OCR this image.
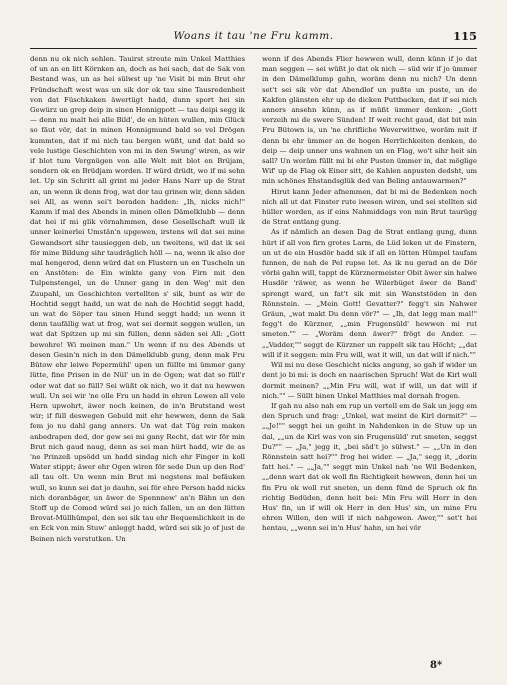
Woans it tau 'ne Fru kamm.	115

denn nu ok nich sehlen. Tauirst streute min Unkel Matthies of un an en litt Körnken an, doch as hei sach, dat de Sak von Bestand was, un as hei sülwst up 'ne Visit bi min Brut ehr Fründschaft west was un sik dor ok tau sine Tausredenheit von dat Füschkaken äwertügt hadd, dunn sport hei sin Gewürz un grep deip in sinen Honnigpott — tau deipi segg ik — denn nu malt hei alle Bild', de en hüten wullen, min Glück so fäut vör, dat in minen Honnigmund bald so vel Drögen kummten, dat if mi nich tau bergen wüßt, und dat bald so vele lustige Geschichten von mi in den Swung' wiren, as wir if blot tum Vergnügen von alle Welt mit blot en Brüjam, sondern ok en Brüdjam worden. If würd drüdt, wo if mi sehn let. Up sin Schritt all grint mi jeder Hans Narr up de Strat an, un wenn ik denn frog, wat dor tau grinen wir, denn säden sei All, as wenn sei't beraden hadden: „Ih, nicks nich!" Kamm if mal des Abends in minen ollen Dämelklubb — denn dat hei if mi glik vörnahmmen, dese Gesellschaft wull ik unner keinerlei Umstän'n upgewen, irstens wil dat sei mine Gewandsort sihr tausieggen deb, un tweitens, wil dat ik sei för mine Bildung sihr taudräglich höll — na, wenn ik also dor mal hengerod, denn würd dat en Flustern un en Tuscheln un en Anstöten: de Ein winkte gany von Firn mit den Tulpenstengel, un de Unner gang in den Weg' mit den Zuupahl, un Geschichten vertellten s' sik, bunt as wir de Hochtid seggt hadd, un wat de nah de Hochtid seggt hadd, un wat de Söper tau sinen Hund seggt hadd; un wenn it denn taufällig wat ut frog, wat sei dormit seggen wullen, un wat dat Spitzen up mi sin füllen, denn säden sei All: „Gott bewohre! Wi meinen man." Un wenn if nu des Abends ut desen Gesin'n nich in den Dämelklubb gung, denn mak Fru Bütow ehr leiwe Pepermühl' upen un füllte mi ümmer gany lütte, fine Prisen in de Nül' un in de Ogen; wat dat so füll'r oder wat dat so füll? Sei wüßt ok nich, wo it dat nu hewwen wull. Un sei wir 'ne olle Fru un hadd in ehren Lewen all vele Hern upwohrt, äwer noch keinen, de in'n Brutstand west wir; if füll deswegen Gebuld mit ehr hewwen, denn de Sak fem jo nu dahl gang anners. Un wat dat Tüg rein maken anbedrapen ded, dor gew sei mi gany Recht, dat wir för min Brut nich gaud naug, denn as sei man hürt hadd, wir de as 'ne Prinzeß upsödd un hadd sindag nich ehr Finger in koll Water stippt; äwer ehr Ogen wiren för sede Dun up den Rod' all tau olt. Un wenn min Brut mi negstens mal befäuken wull, so kunn sei dat jo dauhn, sei för ehre Person hadd nicks nich doranbäger, un äwer de Spennnew' an'n Bähn un den Stoff up de Comod würd sei jo nich fallen, un an den lütten Brovat-Müllhümpel, den sei sik tau ehr Bequemlichkeit in de en Eck von min Stuw' anleggt hadd, würd sei sik jo of just de Beinen nich verstutken. Un

wenn if des Abends Flier hewwen wull, denn künn if jo dat man seggen — sei wüßt jo dat ok nich — süd wir if jo ümmer in den Dämelklump gahn, woräm denn nu nich? Un denn set't sei sik vör dat Abendlof un pußte un puste, un de Kakfen glänsten ehr up de dicken Puttbacken, dat if sei nich anners ansehn künn, as if müßt ümmer denken: „Gott verzeih mi de swere Sünden! If weit recht gaud, dat bit min Fru Bütown is, un 'ne chrifliche Weverwittwe, woräm mit if denn bi ehr ümmer an de hogen Herrlichkeiten denken, de deip — deip unner uns wahnen un en Flag, wo't sihr heit sin sall? Un woräm füllt mi bi ehr Pusten ümmer in, dat möglige Wif' up de Flag ok Einer sitt, de Kahlen anpusten dedsht, um min schönes Ehstandsglük ded van Beling antauwarmen?"

Hirut kann Jeder afnemmen, dat bi mi de Bedenken noch nich all ut dat Finster rute iwesen wiren, und sei stellten sid hüller worden, as if eins Nahmiddags von min Brut taurügg de Strat entlang gung.

As if nämlich an desen Dag de Strat entlang gung, dunn hürt if all von firn grotes Larm, de Lüd leken ut de Finstern, un ut de ein Husdör hadd sik if all en lütten Hümpel taufam funnen, de nah de Pel rupse let. As ik nu gerad an de Dör vörbi gahn will, tappt de Kürznermeister Obit äwer sin halwe Husdör 'räwer, as wenn he Wilerbüget äwer de Band' sprengt ward, un fat't sik mit sin Wanststöden in den Rönnstein. — „Mein Gott! Gevatter?" fegg't sin Nahwer Gräun, „wat makt Du denn vör?" — „Ih, dat legg man mal!" fegg't de Kürzner, „„min Frugensüld' hewwen mi rut smeten."" — „Woräm denn äwer?" frögt de Ander. — „„Vadder,"" seggt de Kürzner un rappelt sik tau Höcht; „„dat will if it seggen: min Fru will, wat it will, un dat will if nich.""

Wil mi nu dese Geschicht nicks angung, so gah if wider un dent jo bi mi: is doch en naarischen Spruch! Wat de Kirl wull dormit meinen? „„Min Fru will, wat if will, un dat will if nich."" — Süllt binen Unkel Matthies mal dornah frogen.

If gah nu also nah em rup un vertell em de Sak un jegg em den Spruch und frag: „Unkel, wat meint de Kirl dormit?" — „„Je!"" seggt hei un geiht in Nahdenken in de Stuw up un dal, „„un de Kirl was von sin Frugensüld' rut smeten, seggst Du?"" — „Ja," jegg it, „bei säd't jo sülwst." — „„Un in den Rönnstein satt hei?"" frog hei wider. — „Ja," segg it, „dorin fatt hei." — „„Ja,"" seggt min Unkel nah 'ne Wil Bedenken, „„denn wart dat ok woll fin Richtigkeit hewwen, denn hei un fin Fru ok woll rut sneten, un denn fünd de Spruch ok fin richtig Bedüden, denn heit bei: Min Fru will Herr in den Hus' fin, un if will ok Herr in den Hus' sin, un mine Fru ehren Willen, den will if nich nahgewen. Awer,"" set't hei hentau, „„wenn sei in'n Hus' hahn, un hei vör

8*
